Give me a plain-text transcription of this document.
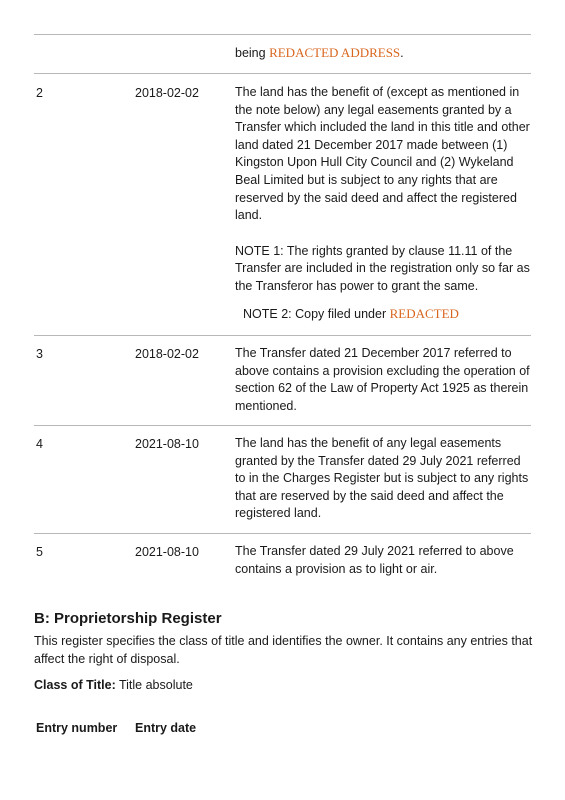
being REDACTED ADDRESS.
2	2018-02-02	The land has the benefit of (except as mentioned in the note below) any legal easements granted by a Transfer which included the land in this title and other land dated 21 December 2017 made between (1) Kingston Upon Hull City Council and (2) Wykeland Beal Limited but is subject to any rights that are reserved by the said deed and affect the registered land.

NOTE 1: The rights granted by clause 11.11 of the Transfer are included in the registration only so far as the Transferor has power to grant the same.

NOTE 2: Copy filed under REDACTED
3	2018-02-02	The Transfer dated 21 December 2017 referred to above contains a provision excluding the operation of section 62 of the Law of Property Act 1925 as therein mentioned.
4	2021-08-10	The land has the benefit of any legal easements granted by the Transfer dated 29 July 2021 referred to in the Charges Register but is subject to any rights that are reserved by the said deed and affect the registered land.
5	2021-08-10	The Transfer dated 29 July 2021 referred to above contains a provision as to light or air.
B: Proprietorship Register

This register specifies the class of title and identifies the owner. It contains any entries that affect the right of disposal.

Class of Title: Title absolute
Entry number Entry date
